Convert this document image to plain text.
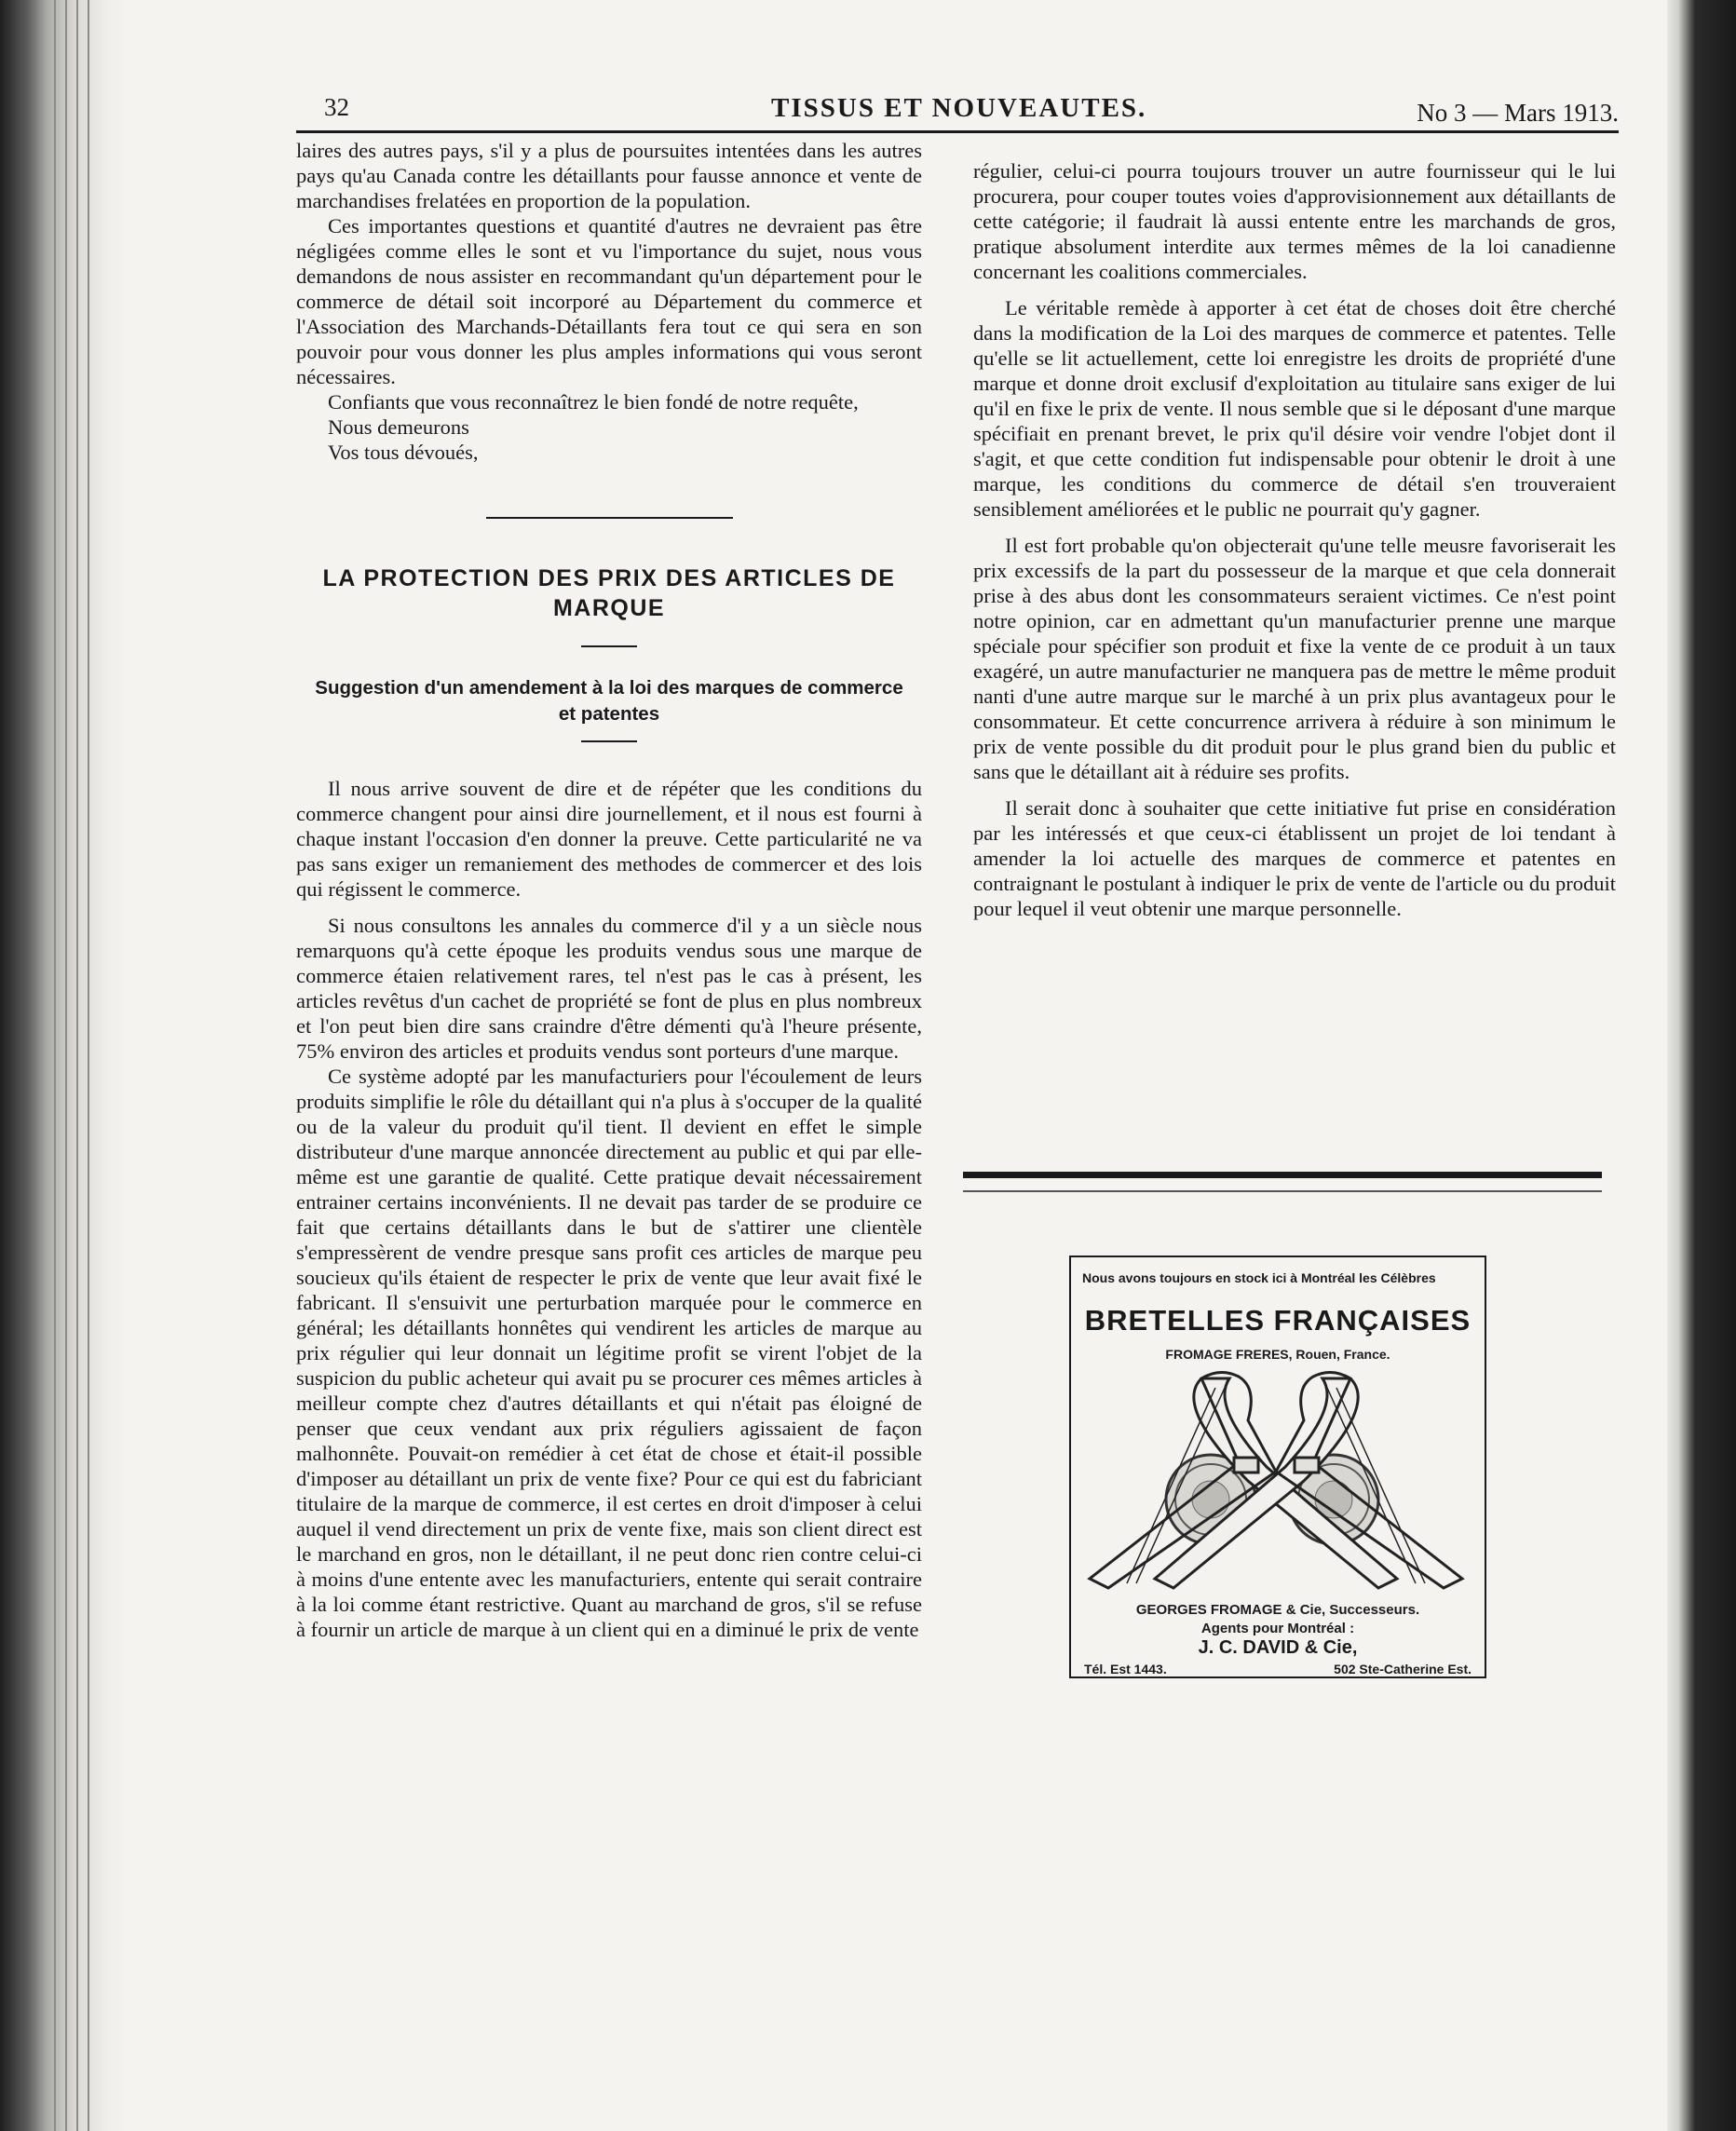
32	TISSUS ET NOUVEAUTES.	No 3 — Mars 1913.

laires des autres pays, s'il y a plus de poursuites intentées dans les autres pays qu'au Canada contre les détaillants pour fausse annonce et vente de marchandises frelatées en proportion de la population.

Ces importantes questions et quantité d'autres ne devraient pas être négligées comme elles le sont et vu l'importance du sujet, nous vous demandons de nous assister en recommandant qu'un département pour le commerce de détail soit incorporé au Département du commerce et l'Association des Marchands-Détaillants fera tout ce qui sera en son pouvoir pour vous donner les plus amples informations qui vous seront nécessaires.

Confiants que vous reconnaîtrez le bien fondé de notre requête,

Nous demeurons

Vos tous dévoués,

LA PROTECTION DES PRIX DES ARTICLES DE MARQUE
Suggestion d'un amendement à la loi des marques de commerce et patentes

Il nous arrive souvent de dire et de répéter que les conditions du commerce changent pour ainsi dire journellement, et il nous est fourni à chaque instant l'occasion d'en donner la preuve. Cette particularité ne va pas sans exiger un remaniement des methodes de commercer et des lois qui régissent le commerce.

Si nous consultons les annales du commerce d'il y a un siècle nous remarquons qu'à cette époque les produits vendus sous une marque de commerce étaien relativement rares, tel n'est pas le cas à présent, les articles revêtus d'un cachet de propriété se font de plus en plus nombreux et l'on peut bien dire sans craindre d'être démenti qu'à l'heure présente, 75% environ des articles et produits vendus sont porteurs d'une marque.

Ce système adopté par les manufacturiers pour l'écoulement de leurs produits simplifie le rôle du détaillant qui n'a plus à s'occuper de la qualité ou de la valeur du produit qu'il tient. Il devient en effet le simple distributeur d'une marque annoncée directement au public et qui par elle-même est une garantie de qualité. Cette pratique devait nécessairement entrainer certains inconvénients. Il ne devait pas tarder de se produire ce fait que certains détaillants dans le but de s'attirer une clientèle s'empressèrent de vendre presque sans profit ces articles de marque peu soucieux qu'ils étaient de respecter le prix de vente que leur avait fixé le fabricant. Il s'ensuivit une perturbation marquée pour le commerce en général; les détaillants honnêtes qui vendirent les articles de marque au prix régulier qui leur donnait un légitime profit se virent l'objet de la suspicion du public acheteur qui avait pu se procurer ces mêmes articles à meilleur compte chez d'autres détaillants et qui n'était pas éloigné de penser que ceux vendant aux prix réguliers agissaient de façon malhonnête. Pouvait-on remédier à cet état de chose et était-il possible d'imposer au détaillant un prix de vente fixe? Pour ce qui est du fabriciant titulaire de la marque de commerce, il est certes en droit d'imposer à celui auquel il vend directement un prix de vente fixe, mais son client direct est le marchand en gros, non le détaillant, il ne peut donc rien contre celui-ci à moins d'une entente avec les manufacturiers, entente qui serait contraire à la loi comme étant restrictive. Quant au marchand de gros, s'il se refuse à fournir un article de marque à un client qui en a diminué le prix de vente

régulier, celui-ci pourra toujours trouver un autre fournisseur qui le lui procurera, pour couper toutes voies d'approvisionnement aux détaillants de cette catégorie; il faudrait là aussi entente entre les marchands de gros, pratique absolument interdite aux termes mêmes de la loi canadienne concernant les coalitions commerciales.

Le véritable remède à apporter à cet état de choses doit être cherché dans la modification de la Loi des marques de commerce et patentes. Telle qu'elle se lit actuellement, cette loi enregistre les droits de propriété d'une marque et donne droit exclusif d'exploitation au titulaire sans exiger de lui qu'il en fixe le prix de vente. Il nous semble que si le déposant d'une marque spécifiait en prenant brevet, le prix qu'il désire voir vendre l'objet dont il s'agit, et que cette condition fut indispensable pour obtenir le droit à une marque, les conditions du commerce de détail s'en trouveraient sensiblement améliorées et le public ne pourrait qu'y gagner.

Il est fort probable qu'on objecterait qu'une telle meusre favoriserait les prix excessifs de la part du possesseur de la marque et que cela donnerait prise à des abus dont les consommateurs seraient victimes. Ce n'est point notre opinion, car en admettant qu'un manufacturier prenne une marque spéciale pour spécifier son produit et fixe la vente de ce produit à un taux exagéré, un autre manufacturier ne manquera pas de mettre le même produit nanti d'une autre marque sur le marché à un prix plus avantageux pour le consommateur. Et cette concurrence arrivera à réduire à son minimum le prix de vente possible du dit produit pour le plus grand bien du public et sans que le détaillant ait à réduire ses profits.

Il serait donc à souhaiter que cette initiative fut prise en considération par les intéressés et que ceux-ci établissent un projet de loi tendant à amender la loi actuelle des marques de commerce et patentes en contraignant le postulant à indiquer le prix de vente de l'article ou du produit pour lequel il veut obtenir une marque personnelle.

Nous avons toujours en stock ici à Montréal les Célèbres
BRETELLES FRANÇAISES
FROMAGE FRERES, Rouen, France.
GEORGES FROMAGE & Cie, Successeurs.
Agents pour Montréal :
J. C. DAVID & Cie,
Tél. Est 1443.	502 Ste-Catherine Est.
